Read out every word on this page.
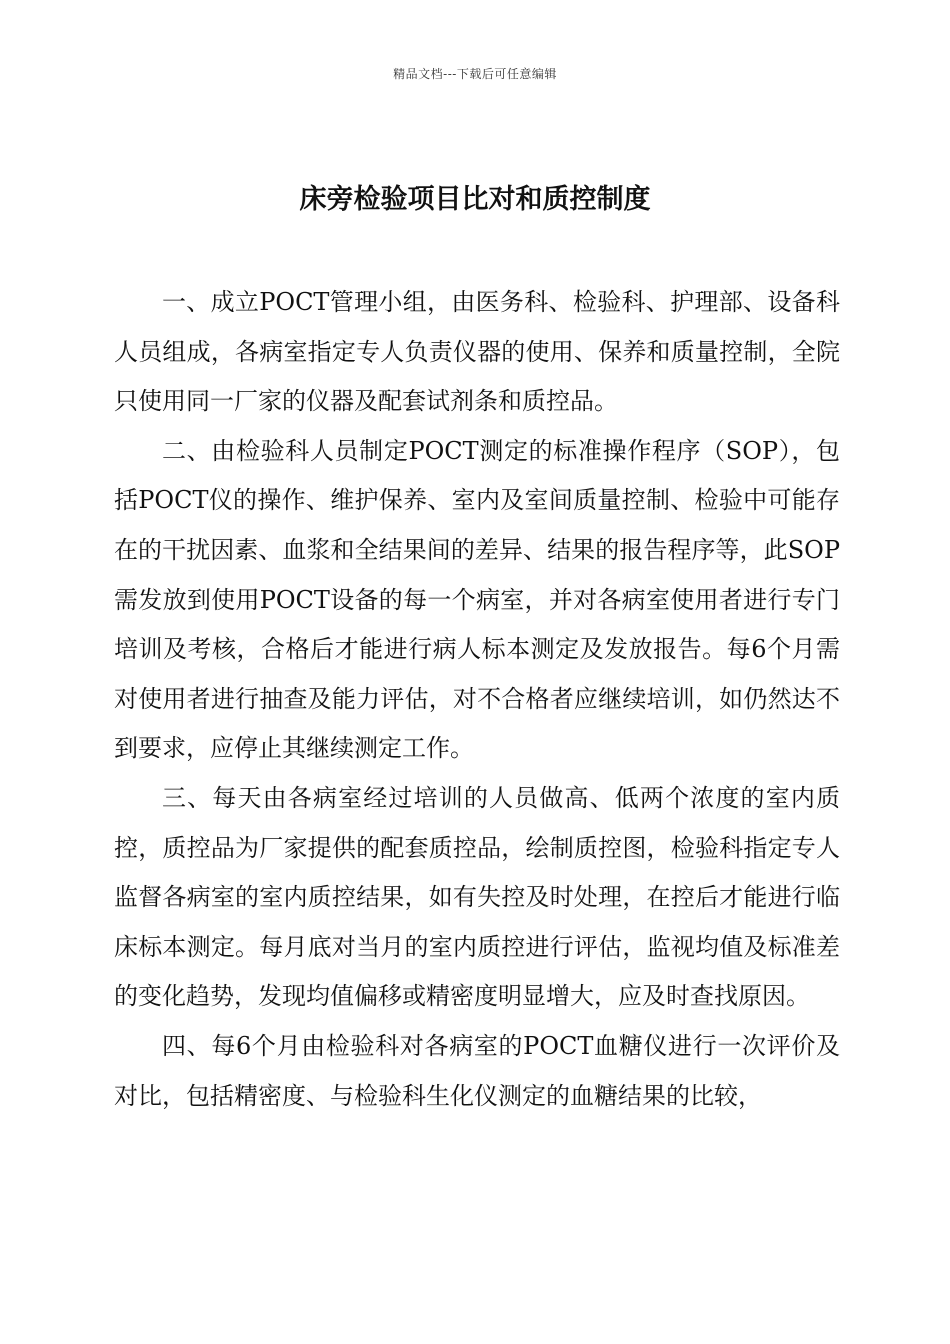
精品文档---下载后可任意编辑
床旁检验项目比对和质控制度

一、成立POCT管理小组，由医务科、检验科、护理部、设备科人员组成，各病室指定专人负责仪器的使用、保养和质量控制，全院只使用同一厂家的仪器及配套试剂条和质控品。

二、由检验科人员制定POCT测定的标准操作程序（SOP），包括POCT仪的操作、维护保养、室内及室间质量控制、检验中可能存在的干扰因素、血浆和全结果间的差异、结果的报告程序等，此SOP需发放到使用POCT设备的每一个病室，并对各病室使用者进行专门培训及考核，合格后才能进行病人标本测定及发放报告。每6个月需对使用者进行抽查及能力评估，对不合格者应继续培训，如仍然达不到要求，应停止其继续测定工作。

三、每天由各病室经过培训的人员做高、低两个浓度的室内质控，质控品为厂家提供的配套质控品，绘制质控图，检验科指定专人监督各病室的室内质控结果，如有失控及时处理，在控后才能进行临床标本测定。每月底对当月的室内质控进行评估，监视均值及标准差的变化趋势，发现均值偏移或精密度明显增大，应及时查找原因。

四、每6个月由检验科对各病室的POCT血糖仪进行一次评价及对比，包括精密度、与检验科生化仪测定的血糖结果的比较，
